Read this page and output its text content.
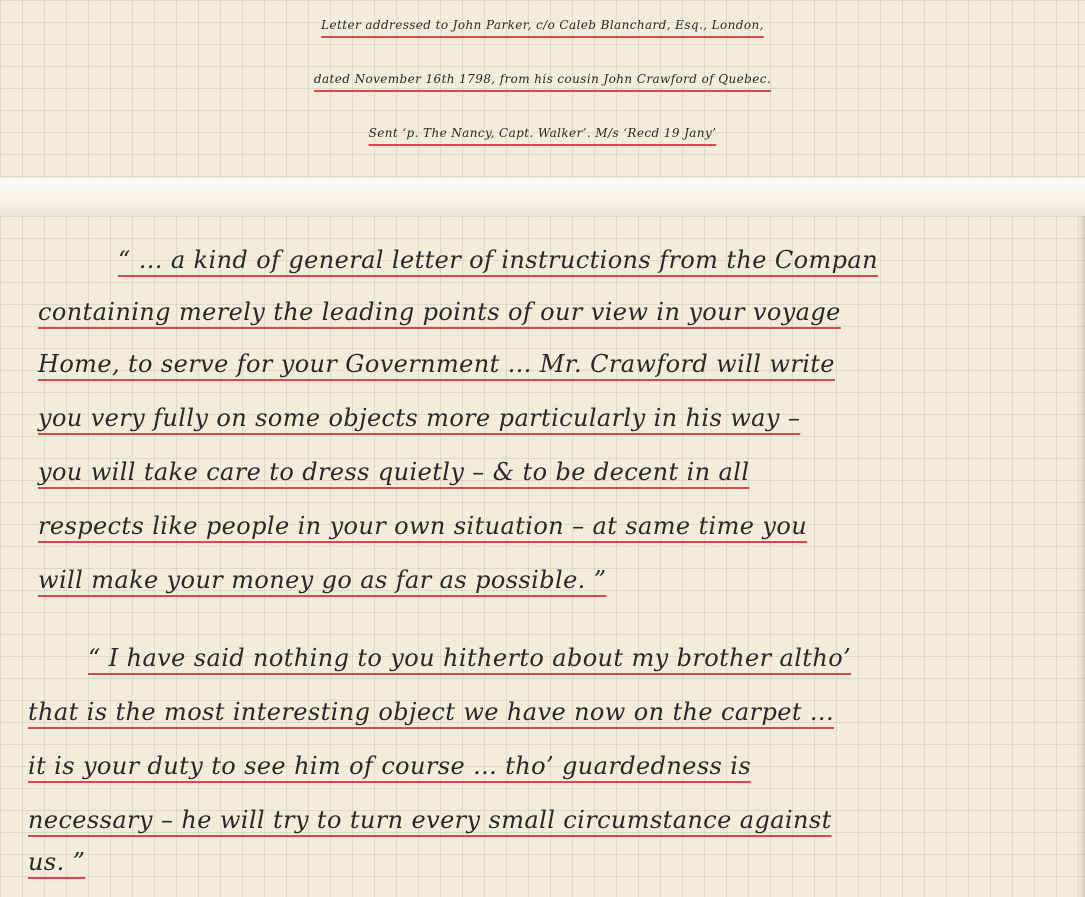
Letter addressed to John Parker, c/o Caleb Blanchard, Esq., London,
dated November 16th 1798, from his cousin John Crawford of Quebec.
Sent ‘p. The Nancy, Capt. Walker’. M/s ‘Recd 19 Jany’
“ ... a kind of general letter of instructions from the Compan
containing merely the leading points of our view in your voyage
Home, to serve for your Government ... Mr. Crawford will write
you very fully on some objects more particularly in his way –
you will take care to dress quietly – & to be decent in all
respects like people in your own situation – at same time you
will make your money go as far as possible. ”
“ I have said nothing to you hitherto about my brother altho’
that is the most interesting object we have now on the carpet ...
it is your duty to see him of course ... tho’ guardedness is
necessary – he will try to turn every small circumstance against
us. ”
